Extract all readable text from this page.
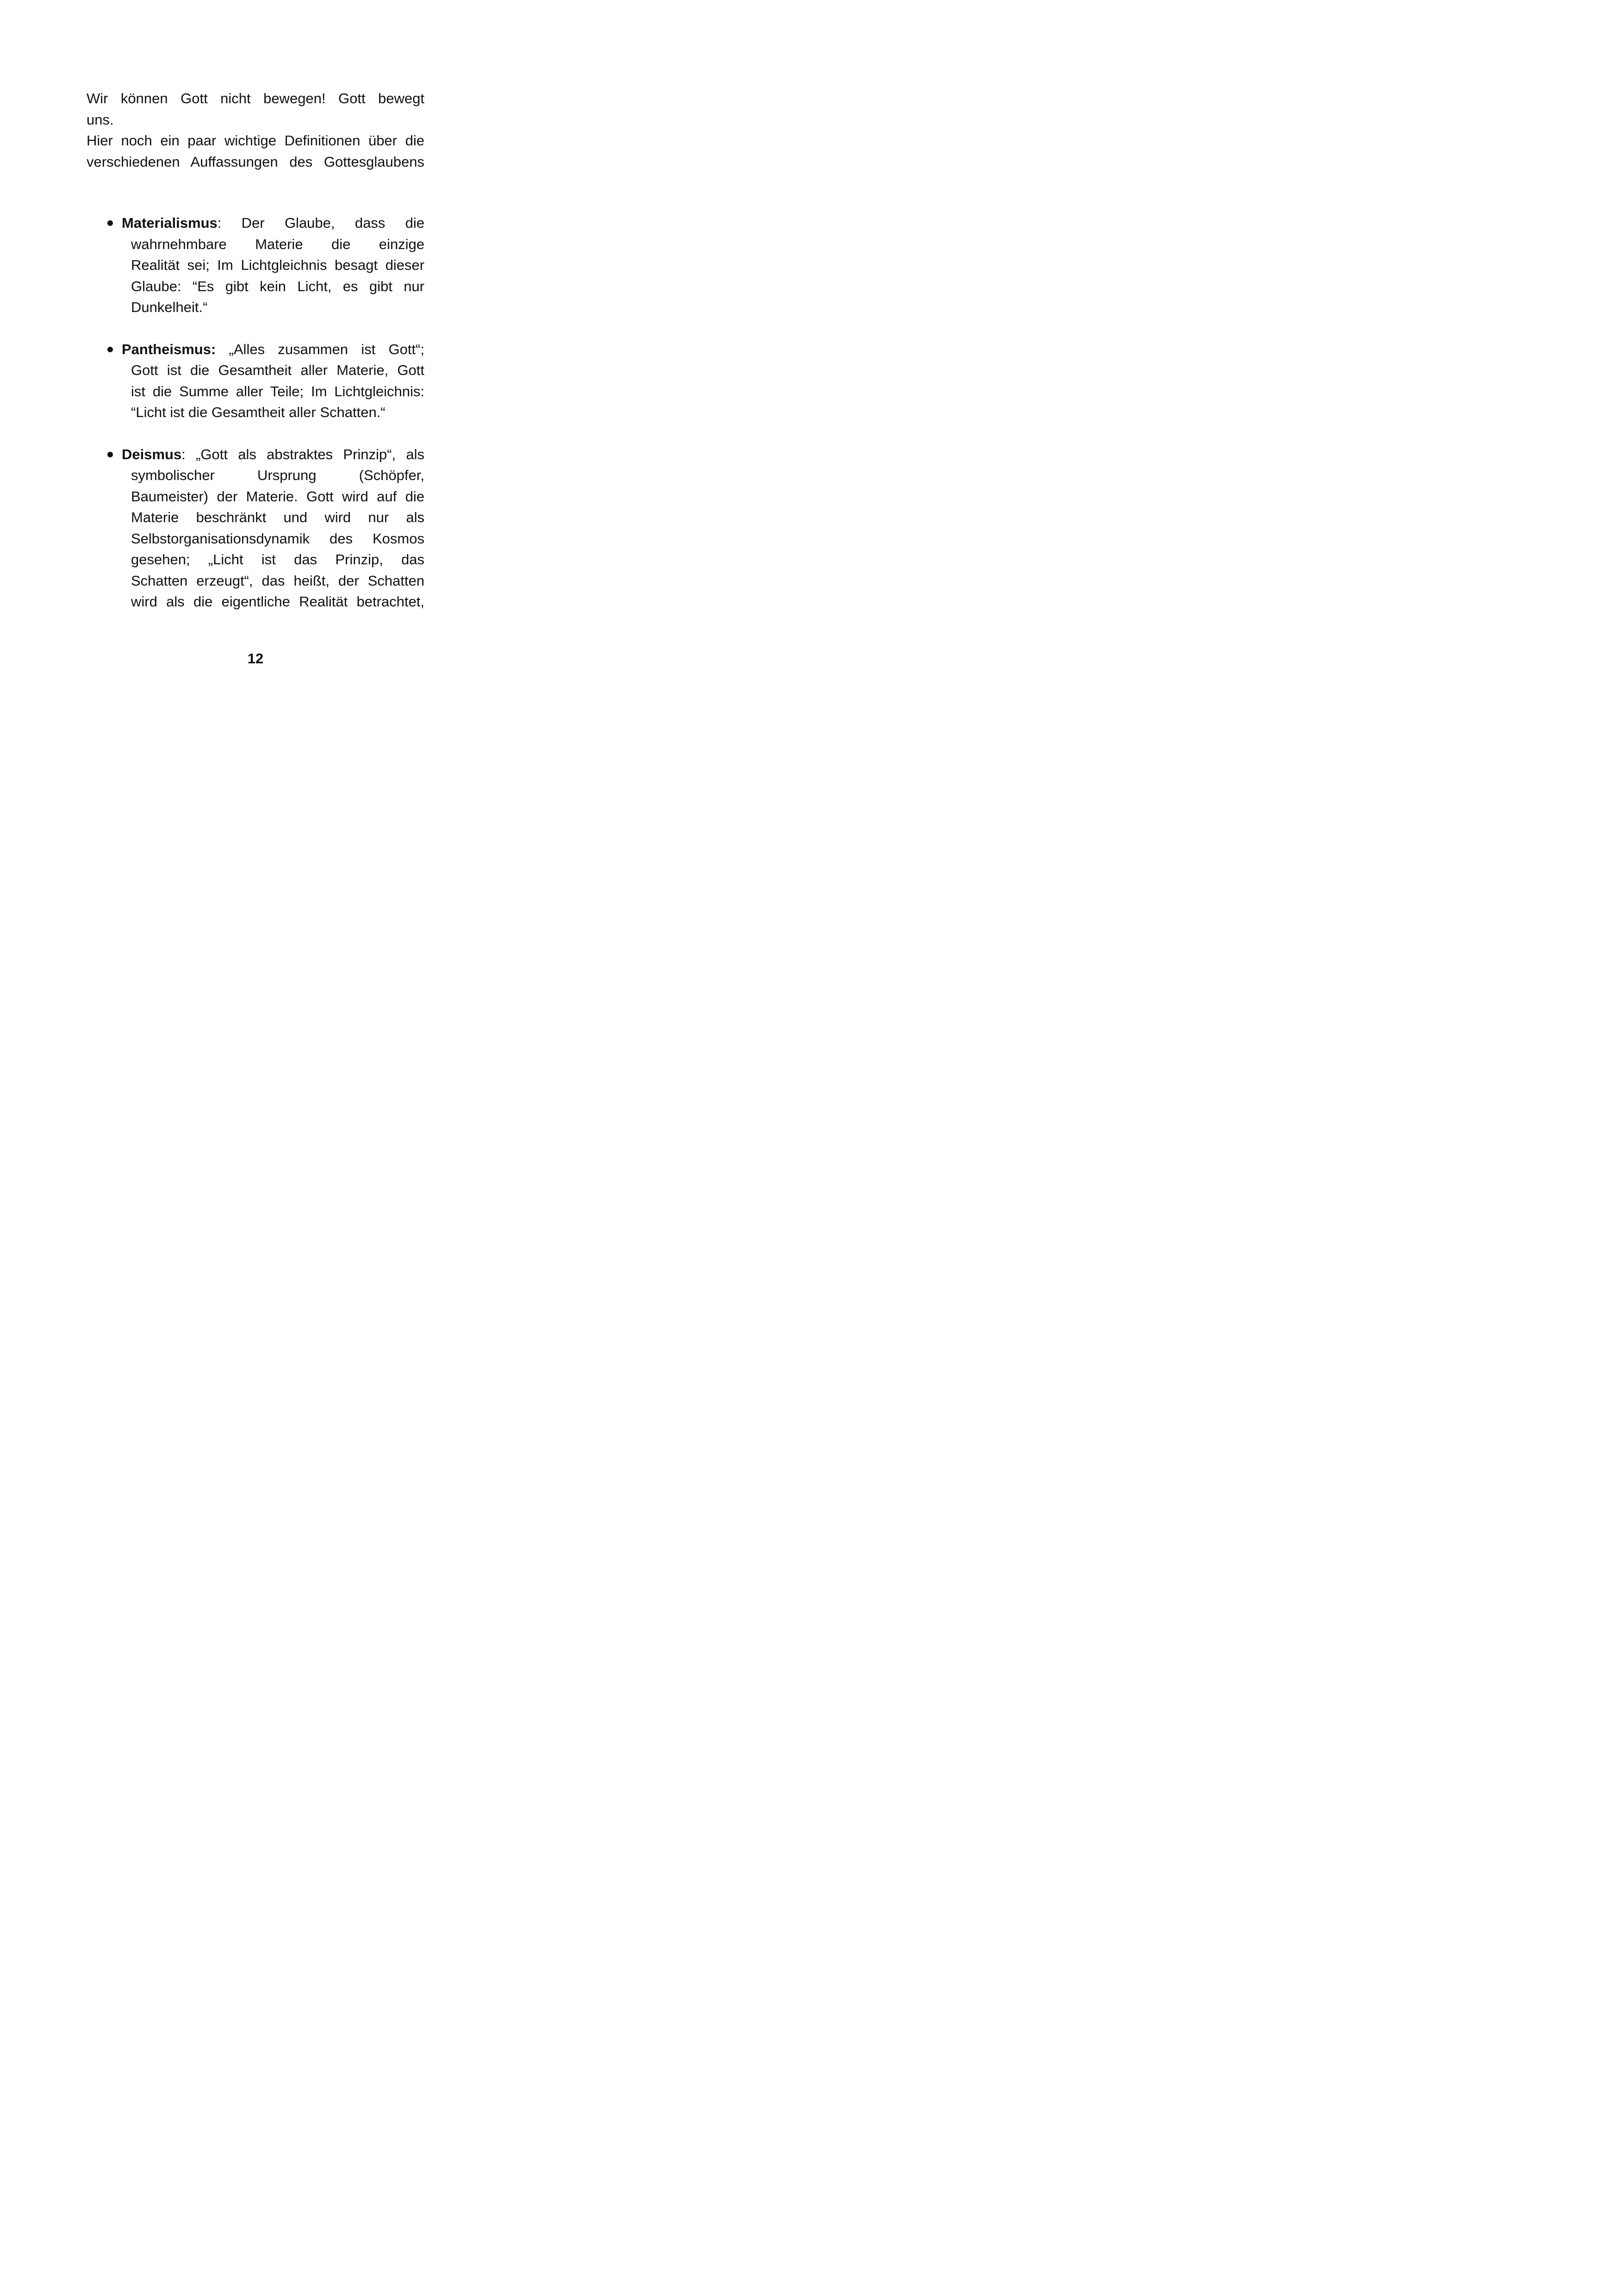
Wir können Gott nicht bewegen! Gott bewegt
uns.

Hier noch ein paar wichtige Definitionen über die
verschiedenen Auffassungen des Gottesglaubens

Materialismus: Der Glaube, dass die
wahrnehmbare Materie die einzige
Realität sei; Im Lichtgleichnis besagt dieser
Glaube: “Es gibt kein Licht, es gibt nur
Dunkelheit.“
Pantheismus: „Alles zusammen ist Gott“;
Gott ist die Gesamtheit aller Materie, Gott
ist die Summe aller Teile; Im Lichtgleichnis:
“Licht ist die Gesamtheit aller Schatten.“
Deismus: „Gott als abstraktes Prinzip“, als
symbolischer Ursprung (Schöpfer,
Baumeister) der Materie. Gott wird auf die
Materie beschränkt und wird nur als
Selbstorganisationsdynamik des Kosmos
gesehen; „Licht ist das Prinzip, das
Schatten erzeugt“, das heißt, der Schatten
wird als die eigentliche Realität betrachtet,
12
